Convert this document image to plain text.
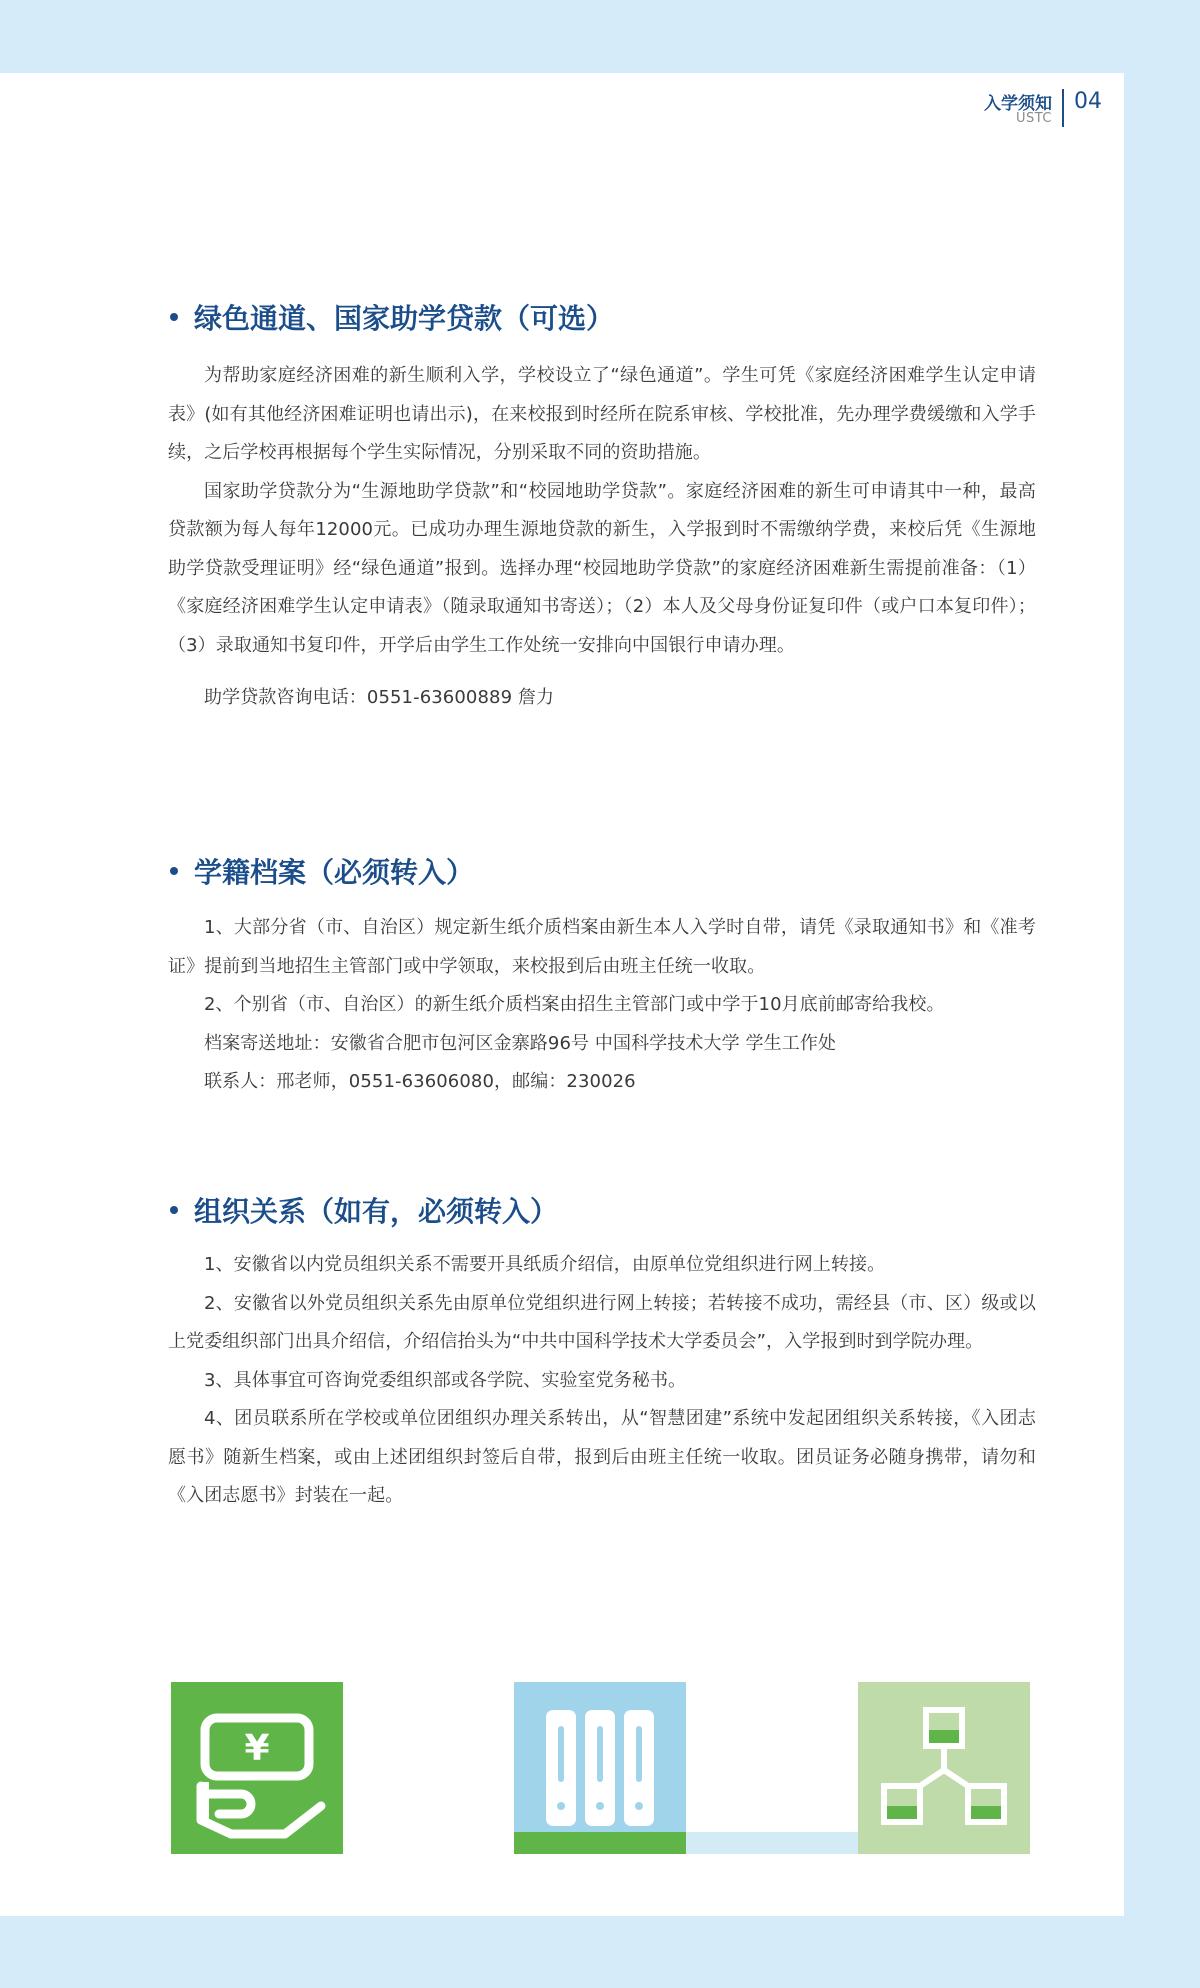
入学须知
USTC
04
绿色通道、国家助学贷款（可选）

为帮助家庭经济困难的新生顺利入学，学校设立了“绿色通道”。学生可凭《家庭经济困难学生认定申请表》(如有其他经济困难证明也请出示)，在来校报到时经所在院系审核、学校批准，先办理学费缓缴和入学手续，之后学校再根据每个学生实际情况，分别采取不同的资助措施。

国家助学贷款分为“生源地助学贷款”和“校园地助学贷款”。家庭经济困难的新生可申请其中一种，最高贷款额为每人每年12000元。已成功办理生源地贷款的新生，入学报到时不需缴纳学费，来校后凭《生源地助学贷款受理证明》经“绿色通道”报到。选择办理“校园地助学贷款”的家庭经济困难新生需提前准备：（1）《家庭经济困难学生认定申请表》（随录取通知书寄送）；（2）本人及父母身份证复印件（或户口本复印件）；（3）录取通知书复印件，开学后由学生工作处统一安排向中国银行申请办理。

助学贷款咨询电话：0551-63600889 詹力

学籍档案（必须转入）

1、大部分省（市、自治区）规定新生纸介质档案由新生本人入学时自带，请凭《录取通知书》和《准考证》提前到当地招生主管部门或中学领取，来校报到后由班主任统一收取。

2、个别省（市、自治区）的新生纸介质档案由招生主管部门或中学于10月底前邮寄给我校。

档案寄送地址：安徽省合肥市包河区金寨路96号 中国科学技术大学 学生工作处

联系人：邢老师，0551-63606080，邮编：230026

组织关系（如有，必须转入）

1、安徽省以内党员组织关系不需要开具纸质介绍信，由原单位党组织进行网上转接。

2、安徽省以外党员组织关系先由原单位党组织进行网上转接；若转接不成功，需经县（市、区）级或以上党委组织部门出具介绍信，介绍信抬头为“中共中国科学技术大学委员会”，入学报到时到学院办理。

3、具体事宜可咨询党委组织部或各学院、实验室党务秘书。

4、团员联系所在学校或单位团组织办理关系转出，从“智慧团建”系统中发起团组织关系转接，《入团志愿书》随新生档案，或由上述团组织封签后自带，报到后由班主任统一收取。团员证务必随身携带，请勿和《入团志愿书》封装在一起。

¥
